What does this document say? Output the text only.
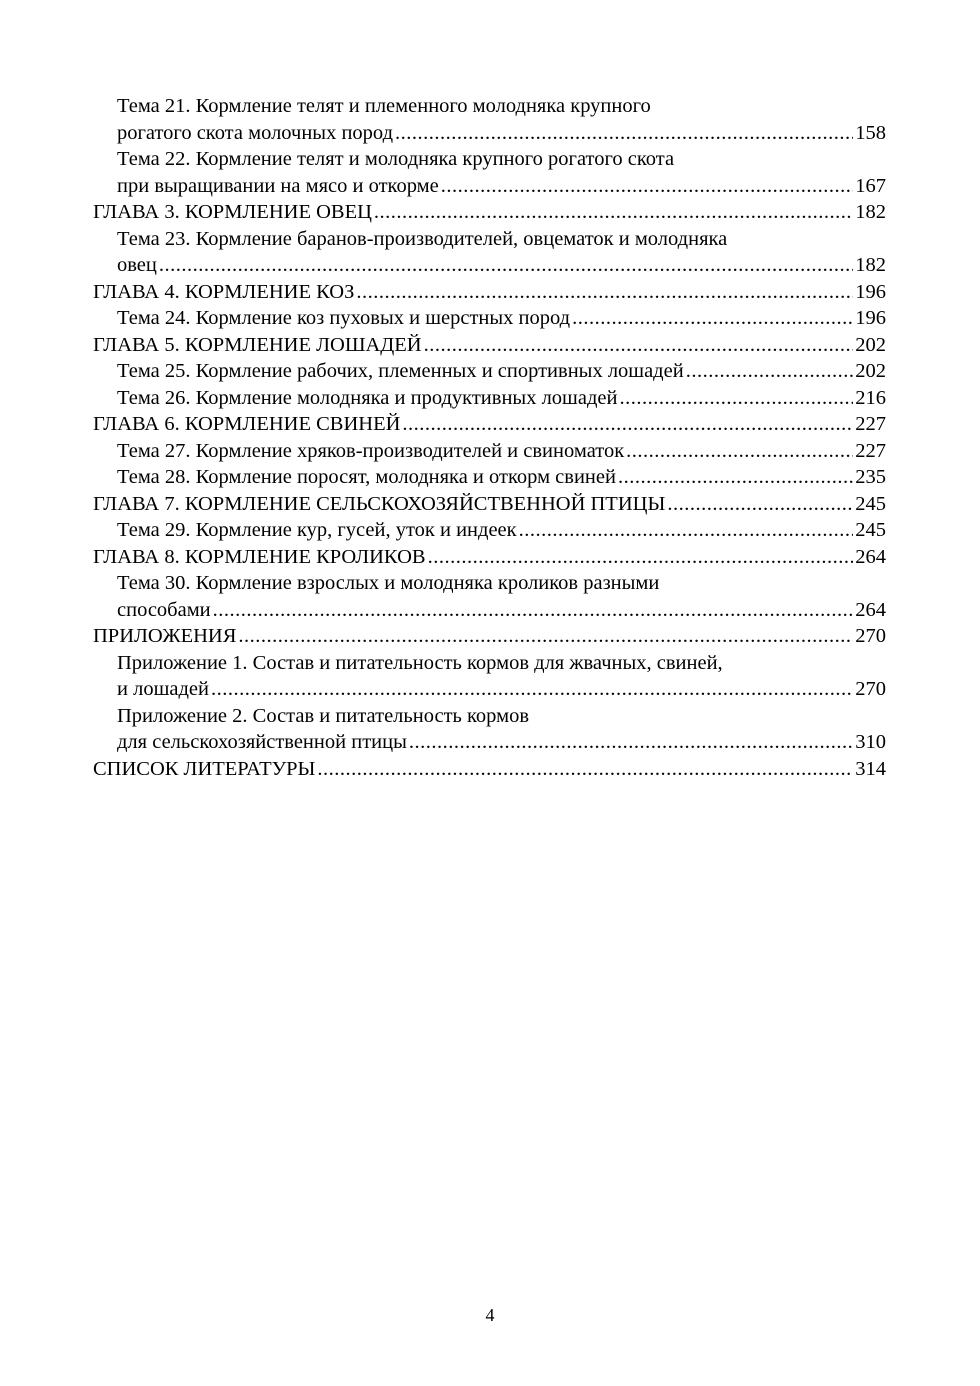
Тема 21. Кормление телят и племенного молодняка крупного
рогатого скота молочных пород .....	158
Тема 22. Кормление телят и молодняка крупного рогатого скота
при выращивании на мясо и откорме .....	167
ГЛАВА 3. КОРМЛЕНИЕ ОВЕЦ .....	182
Тема 23. Кормление баранов-производителей, овцематок и молодняка
овец .....	182
ГЛАВА 4. КОРМЛЕНИЕ КОЗ .....	196
Тема 24. Кормление коз пуховых и шерстных пород .....	196
ГЛАВА 5. КОРМЛЕНИЕ ЛОШАДЕЙ .....	202
Тема 25. Кормление рабочих, племенных и спортивных лошадей .....	202
Тема 26. Кормление молодняка и продуктивных лошадей .....	216
ГЛАВА 6. КОРМЛЕНИЕ СВИНЕЙ .....	227
Тема 27. Кормление хряков-производителей и свиноматок .....	227
Тема 28. Кормление поросят, молодняка и откорм свиней .....	235
ГЛАВА 7. КОРМЛЕНИЕ СЕЛЬСКОХОЗЯЙСТВЕННОЙ ПТИЦЫ .....	245
Тема 29. Кормление кур, гусей, уток и индеек .....	245
ГЛАВА 8. КОРМЛЕНИЕ КРОЛИКОВ .....	264
Тема 30. Кормление взрослых и молодняка кроликов разными
способами .....	264
ПРИЛОЖЕНИЯ .....	270
Приложение 1. Состав и питательность кормов для жвачных, свиней,
и лошадей .....	270
Приложение 2. Состав и питательность кормов
для сельскохозяйственной птицы .....	310
СПИСОК ЛИТЕРАТУРЫ .....	314
4
